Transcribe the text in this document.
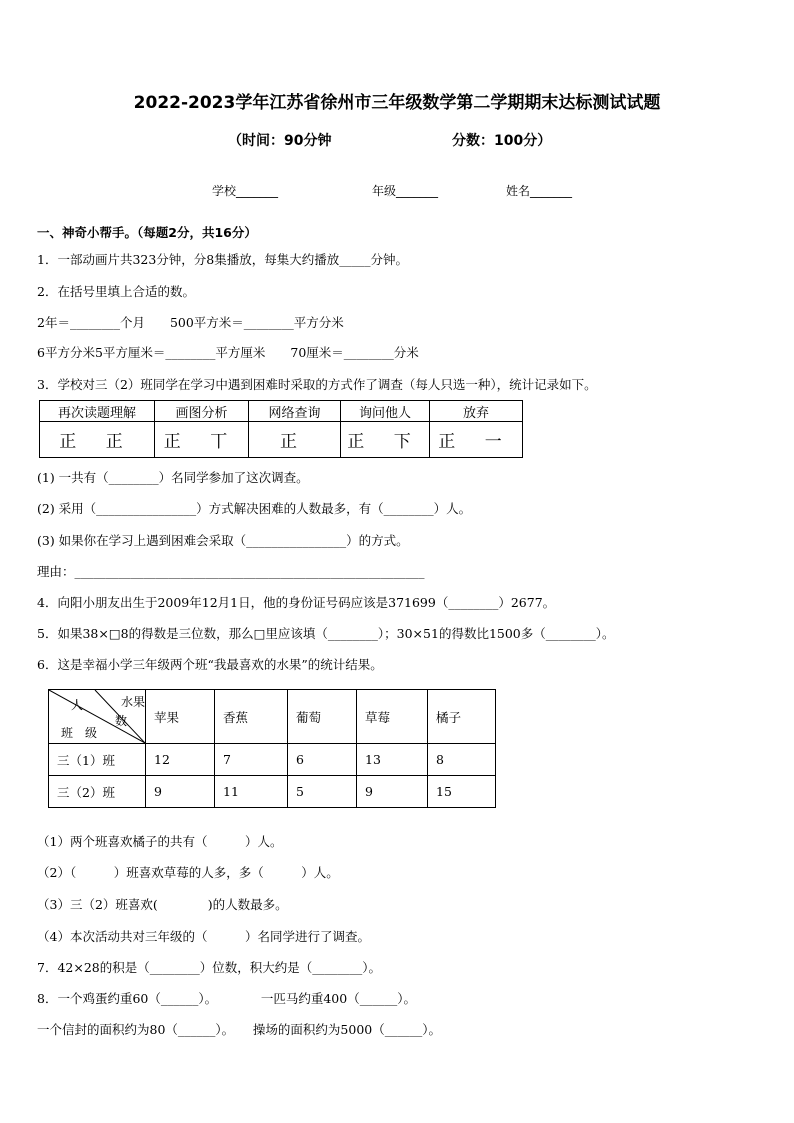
2022-2023学年江苏省徐州市三年级数学第二学期期末达标测试试题
（时间：90分钟	分数：100分）
学校_______	年级_______	姓名_______
一、神奇小帮手。（每题2分，共16分）
1．一部动画片共323分钟，分8集播放，每集大约播放_____分钟。
2．在括号里填上合适的数。
2年＝________个月　　500平方米＝________平方分米
6平方分米5平方厘米＝________平方厘米　　70厘米＝________分米
3．学校对三（2）班同学在学习中遇到困难时采取的方式作了调查（每人只选一种），统计记录如下。
再次读题理解	画图分析	网络查询	询问他人	放弃
正 正	正 丅	正	正 下	正 一
(1) 一共有（________）名同学参加了这次调查。
(2) 采用（________________）方式解决困难的人数最多，有（________）人。
(3) 如果你在学习上遇到困难会采取（________________）的方式。
理由：________________________________________________________
4．向阳小朋友出生于2009年12月1日，他的身份证号码应该是371699（________）2677。
5．如果38×□8的得数是三位数，那么□里应该填（________）；30×51的得数比1500多（________）。
6．这是幸福小学三年级两个班“我最喜欢的水果”的统计结果。
人 水果
数
班　级	苹果	香蕉	葡萄	草莓	橘子
三（1）班	12	7	6	13	8
三（2）班	9	11	5	9	15
（1）两个班喜欢橘子的共有（　　　）人。
（2）（　　　）班喜欢草莓的人多，多（　　　）人。
（3）三（2）班喜欢(　　　　)的人数最多。
（4）本次活动共对三年级的（　　　）名同学进行了调查。
7．42×28的积是（________）位数，积大约是（________）。
8．一个鸡蛋约重60（______）。　　　　一匹马约重400（______）。
一个信封的面积约为80（______）。　　操场的面积约为5000（______）。
